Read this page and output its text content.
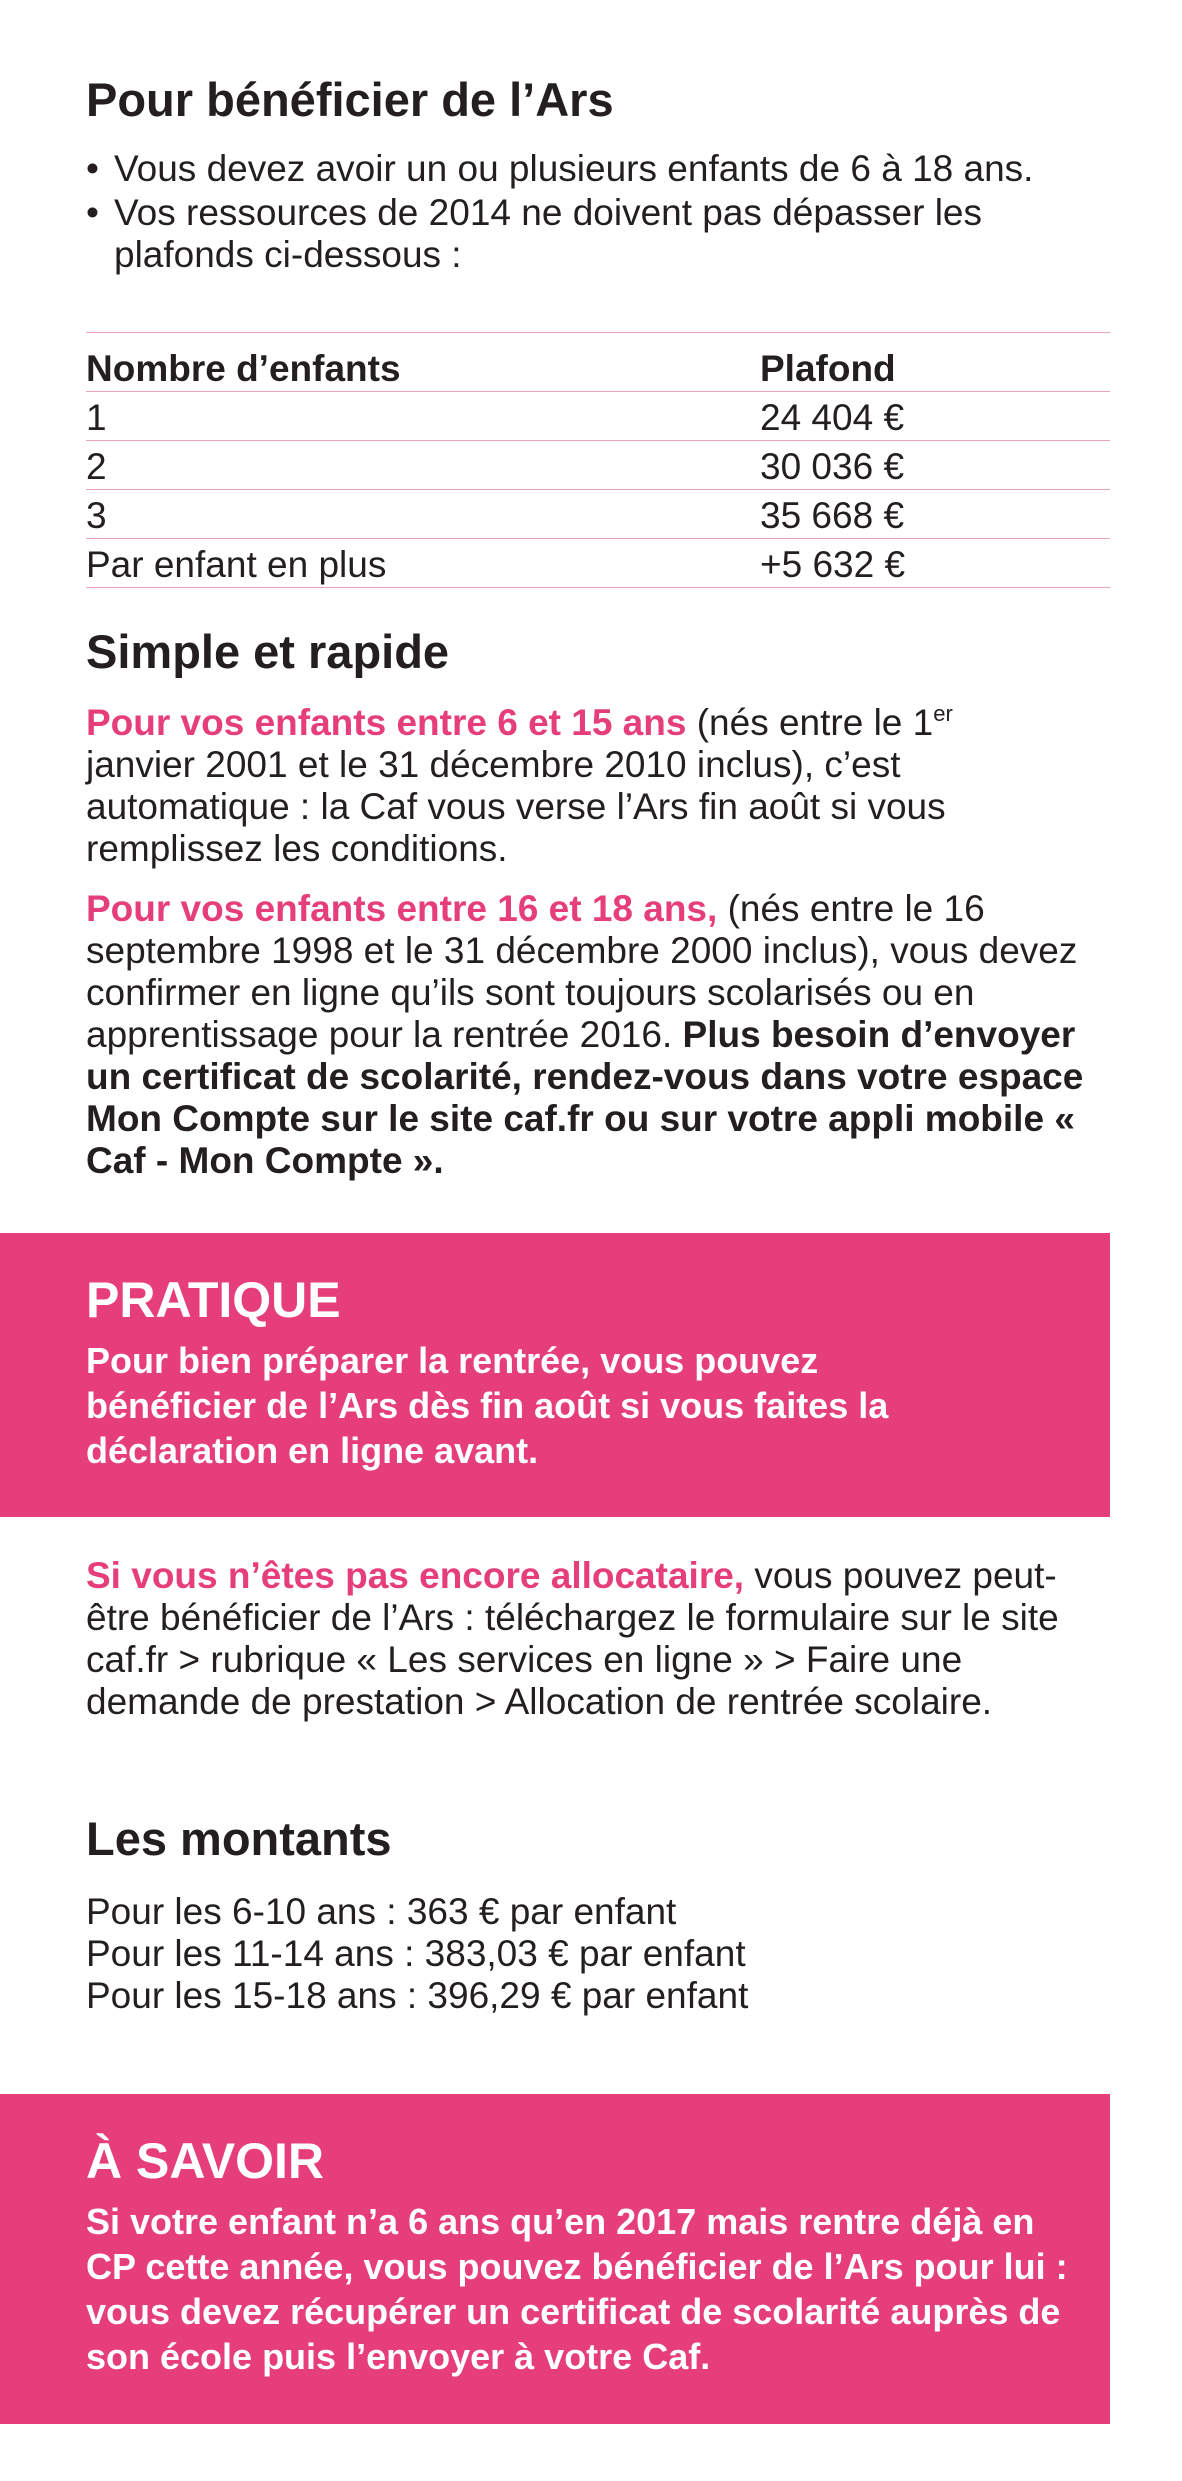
Pour bénéficier de l’Ars
• Vous devez avoir un ou plusieurs enfants de 6 à 18 ans.
• Vos ressources de 2014 ne doivent pas dépasser les plafonds ci-dessous :
Nombre d’enfants	Plafond
1	24 404 €
2	30 036 €
3	35 668 €
Par enfant en plus	+5 632 €
Simple et rapide

Pour vos enfants entre 6 et 15 ans (nés entre le 1er janvier 2001 et le 31 décembre 2010 inclus), c’est automatique : la Caf vous verse l’Ars fin août si vous remplissez les conditions.

Pour vos enfants entre 16 et 18 ans, (nés entre le 16 septembre 1998 et le 31 décembre 2000 inclus), vous devez confirmer en ligne qu’ils sont toujours scolarisés ou en apprentissage pour la rentrée 2016. Plus besoin d’envoyer un certificat de scolarité, rendez-vous dans votre espace Mon Compte sur le site caf.fr ou sur votre appli mobile « Caf - Mon Compte ».

PRATIQUE

Pour bien préparer la rentrée, vous pouvez bénéficier de l’Ars dès fin août si vous faites la déclaration en ligne avant.

Si vous n’êtes pas encore allocataire, vous pouvez peut-être bénéficier de l’Ars : téléchargez le formulaire sur le site caf.fr > rubrique « Les services en ligne » > Faire une demande de prestation > Allocation de rentrée scolaire.

Les montants

Pour les 6-10 ans : 363 € par enfant
Pour les 11-14 ans : 383,03 € par enfant
Pour les 15-18 ans : 396,29 € par enfant

À SAVOIR

Si votre enfant n’a 6 ans qu’en 2017 mais rentre déjà en CP cette année, vous pouvez bénéficier de l’Ars pour lui : vous devez récupérer un certificat de scolarité auprès de son école puis l’envoyer à votre Caf.
